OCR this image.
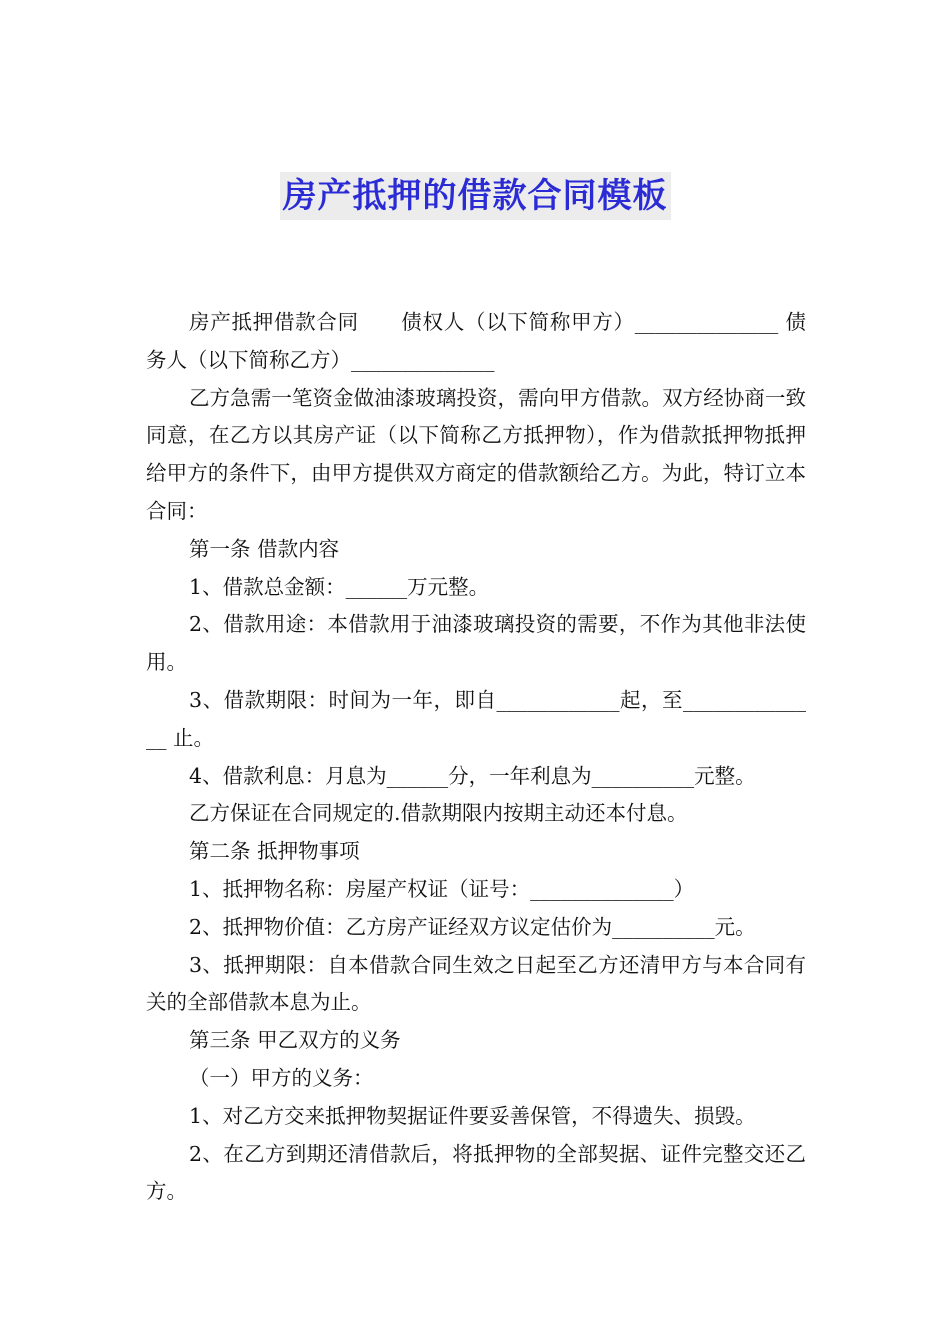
房产抵押的借款合同模板

房产抵押借款合同　　债权人（以下简称甲方）______________ 债务人（以下简称乙方）______________

乙方急需一笔资金做油漆玻璃投资，需向甲方借款。双方经协商一致同意，在乙方以其房产证（以下简称乙方抵押物），作为借款抵押物抵押给甲方的条件下，由甲方提供双方商定的借款额给乙方。为此，特订立本合同：

第一条 借款内容

1、借款总金额：______万元整。

2、借款用途：本借款用于油漆玻璃投资的需要，不作为其他非法使用。

3、借款期限：时间为一年，即自____________起，至______________ 止。

4、借款利息：月息为______分，一年利息为__________元整。

乙方保证在合同规定的.借款期限内按期主动还本付息。

第二条 抵押物事项

1、抵押物名称：房屋产权证（证号：______________）

2、抵押物价值：乙方房产证经双方议定估价为__________元。

3、抵押期限：自本借款合同生效之日起至乙方还清甲方与本合同有关的全部借款本息为止。

第三条 甲乙双方的义务

（一）甲方的义务：

1、对乙方交来抵押物契据证件要妥善保管，不得遗失、损毁。

2、在乙方到期还清借款后，将抵押物的全部契据、证件完整交还乙方。
